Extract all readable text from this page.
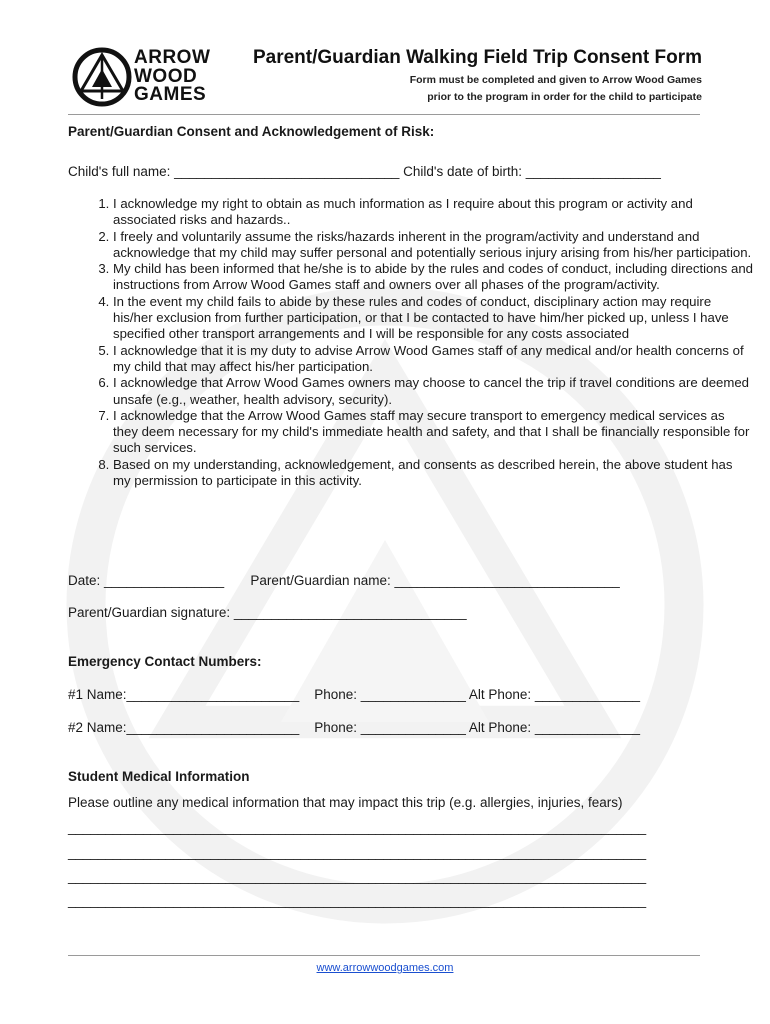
ARROW
WOOD
GAMES
Parent/Guardian Walking Field Trip Consent Form
Form must be completed and given to Arrow Wood Games
prior to the program in order for the child to participate
Parent/Guardian Consent and Acknowledgement of Risk:
Child's full name: ______________________________ Child's date of birth: __________________
1. I acknowledge my right to obtain as much information as I require about this program or activity and associated risks and hazards..
2. I freely and voluntarily assume the risks/hazards inherent in the program/activity and understand and acknowledge that my child may suffer personal and potentially serious injury arising from his/her participation.
3. My child has been informed that he/she is to abide by the rules and codes of conduct, including directions and instructions from Arrow Wood Games staff and owners over all phases of the program/activity.
4. In the event my child fails to abide by these rules and codes of conduct, disciplinary action may require his/her exclusion from further participation, or that I be contacted to have him/her picked up, unless I have specified other transport arrangements and I will be responsible for any costs associated
5. I acknowledge that it is my duty to advise Arrow Wood Games staff of any medical and/or health concerns of my child that may affect his/her participation.
6. I acknowledge that Arrow Wood Games owners may choose to cancel the trip if travel conditions are deemed unsafe (e.g., weather, health advisory, security).
7. I acknowledge that the Arrow Wood Games staff may secure transport to emergency medical services as they deem necessary for my child's immediate health and safety, and that I shall be financially responsible for such services.
8. Based on my understanding, acknowledgement, and consents as described herein, the above student has my permission to participate in this activity.
Date: ________________       Parent/Guardian name: ______________________________
Parent/Guardian signature: _______________________________
Emergency Contact Numbers:
#1 Name:_______________________    Phone: ______________ Alt Phone: ______________
#2 Name:_______________________    Phone: ______________ Alt Phone: ______________
Student Medical Information
Please outline any medical information that may impact this trip (e.g. allergies, injuries, fears)
_____________________________________________________________________________
_____________________________________________________________________________
_____________________________________________________________________________
_____________________________________________________________________________
www.arrowwoodgames.com
